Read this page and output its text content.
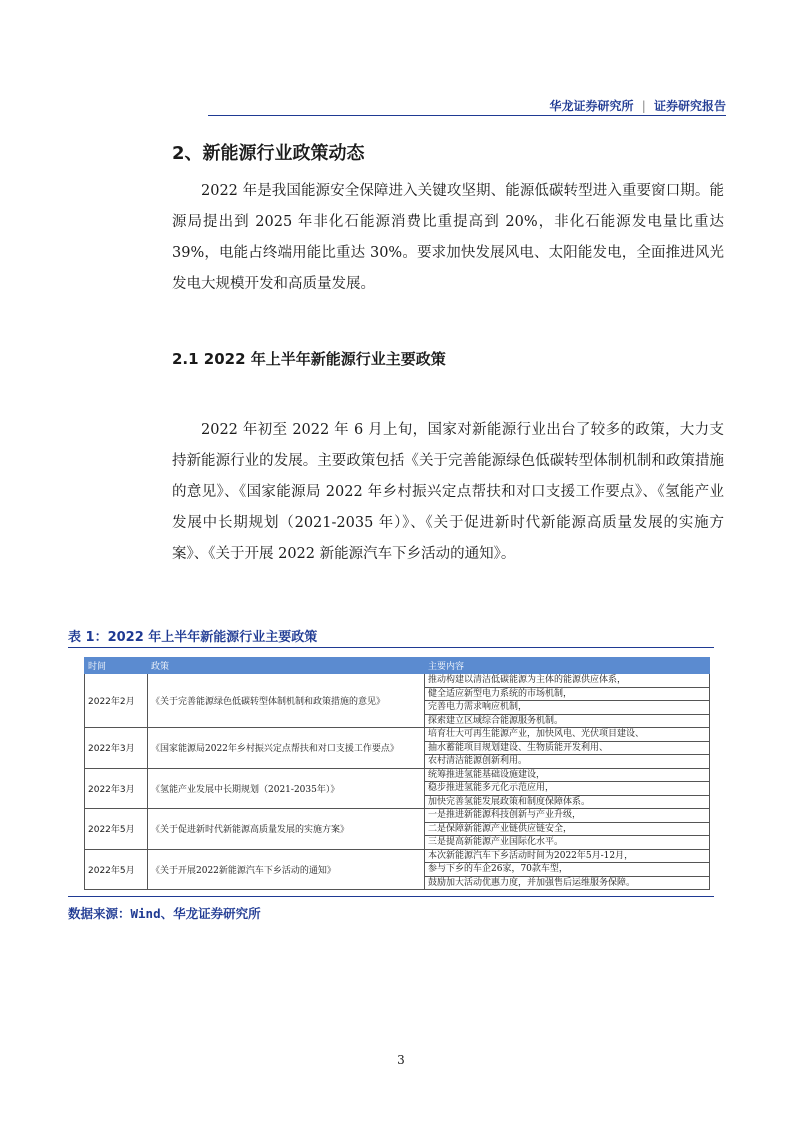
华龙证券研究所 | 证券研究报告
2、新能源行业政策动态
2022 年是我国能源安全保障进入关键攻坚期、能源低碳转型进入重要窗口期。能源局提出到 2025 年非化石能源消费比重提高到 20%，非化石能源发电量比重达 39%，电能占终端用能比重达 30%。要求加快发展风电、太阳能发电，全面推进风光发电大规模开发和高质量发展。
2.1 2022 年上半年新能源行业主要政策
2022 年初至 2022 年 6 月上旬，国家对新能源行业出台了较多的政策，大力支持新能源行业的发展。主要政策包括《关于完善能源绿色低碳转型体制机制和政策措施的意见》、《国家能源局 2022 年乡村振兴定点帮扶和对口支援工作要点》、《氢能产业发展中长期规划（2021-2035 年）》、《关于促进新时代新能源高质量发展的实施方案》、《关于开展 2022 新能源汽车下乡活动的通知》。
表 1：2022 年上半年新能源行业主要政策
时间	政策	主要内容
2022年2月	《关于完善能源绿色低碳转型体制机制和政策措施的意见》	推动构建以清洁低碳能源为主体的能源供应体系，
健全适应新型电力系统的市场机制，
完善电力需求响应机制，
探索建立区域综合能源服务机制。

2022年3月	《国家能源局2022年乡村振兴定点帮扶和对口支援工作要点》	培育壮大可再生能源产业，加快风电、光伏项目建设、
抽水蓄能项目规划建设、生物质能开发利用、
农村清洁能源创新利用。

2022年3月	《氢能产业发展中长期规划（2021-2035年）》	统筹推进氢能基础设施建设，
稳步推进氢能多元化示范应用，
加快完善氢能发展政策和制度保障体系。

2022年5月	《关于促进新时代新能源高质量发展的实施方案》	一是推进新能源科技创新与产业升级，
二是保障新能源产业链供应链安全，
三是提高新能源产业国际化水平。

2022年5月	《关于开展2022新能源汽车下乡活动的通知》	本次新能源汽车下乡活动时间为2022年5月-12月，
参与下乡的车企26家，70款车型，
鼓励加大活动优惠力度，并加强售后运维服务保障。
数据来源：Wind、华龙证券研究所
3
